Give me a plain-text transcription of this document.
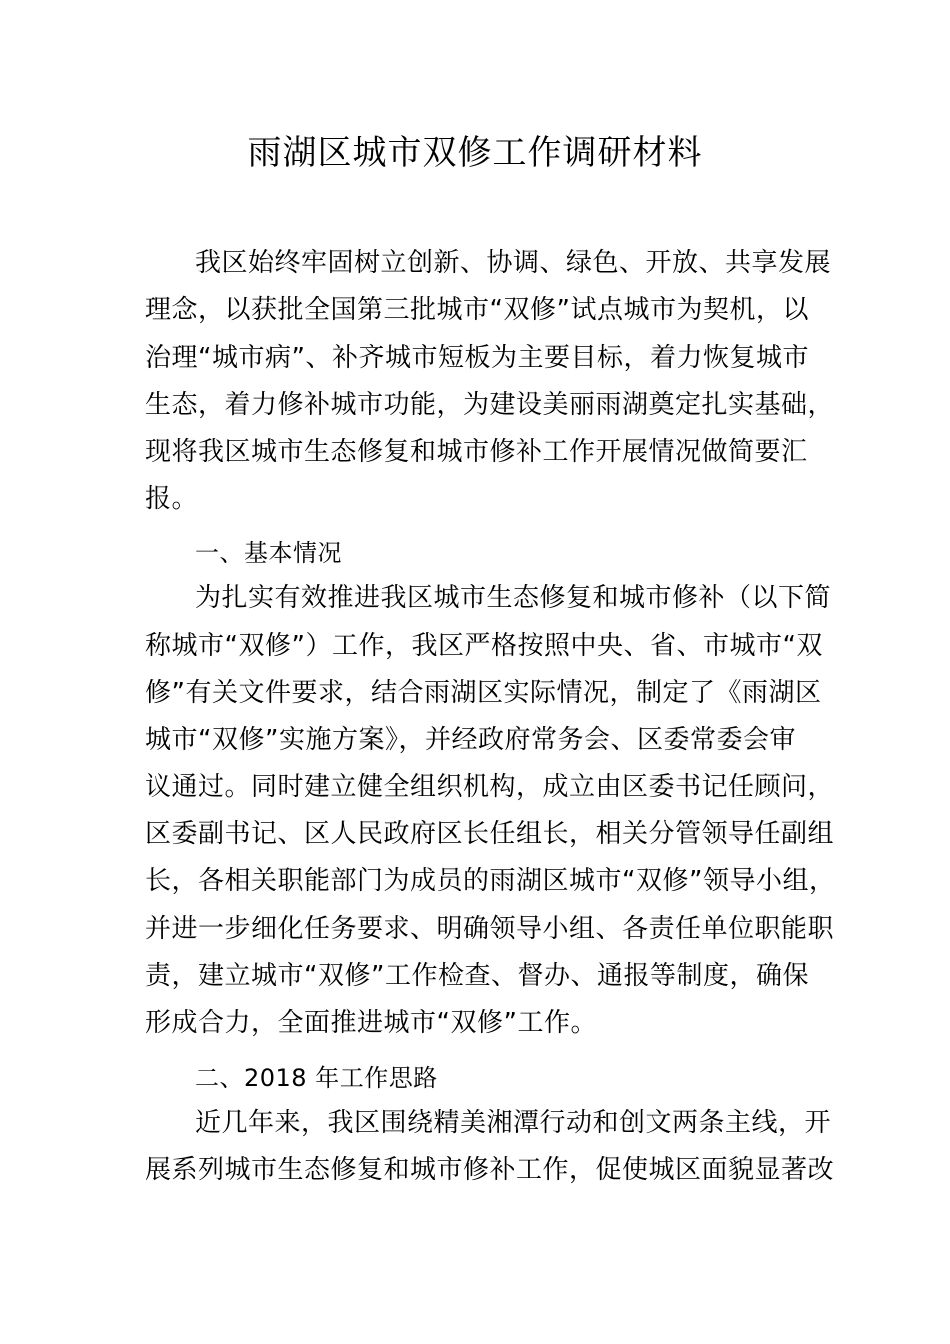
雨湖区城市双修工作调研材料
我区始终牢固树立创新、协调、绿色、开放、共享发展
理念，以获批全国第三批城市“双修”试点城市为契机，以
治理“城市病”、补齐城市短板为主要目标，着力恢复城市
生态，着力修补城市功能，为建设美丽雨湖奠定扎实基础，
现将我区城市生态修复和城市修补工作开展情况做简要汇
报。
一、基本情况
为扎实有效推进我区城市生态修复和城市修补（以下简
称城市“双修”）工作，我区严格按照中央、省、市城市“双
修”有关文件要求，结合雨湖区实际情况，制定了《雨湖区
城市“双修”实施方案》，并经政府常务会、区委常委会审
议通过。同时建立健全组织机构，成立由区委书记任顾问，
区委副书记、区人民政府区长任组长，相关分管领导任副组
长，各相关职能部门为成员的雨湖区城市“双修”领导小组，
并进一步细化任务要求、明确领导小组、各责任单位职能职
责，建立城市“双修”工作检查、督办、通报等制度，确保
形成合力，全面推进城市“双修”工作。
二、2018 年工作思路
近几年来，我区围绕精美湘潭行动和创文两条主线，开
展系列城市生态修复和城市修补工作，促使城区面貌显著改
